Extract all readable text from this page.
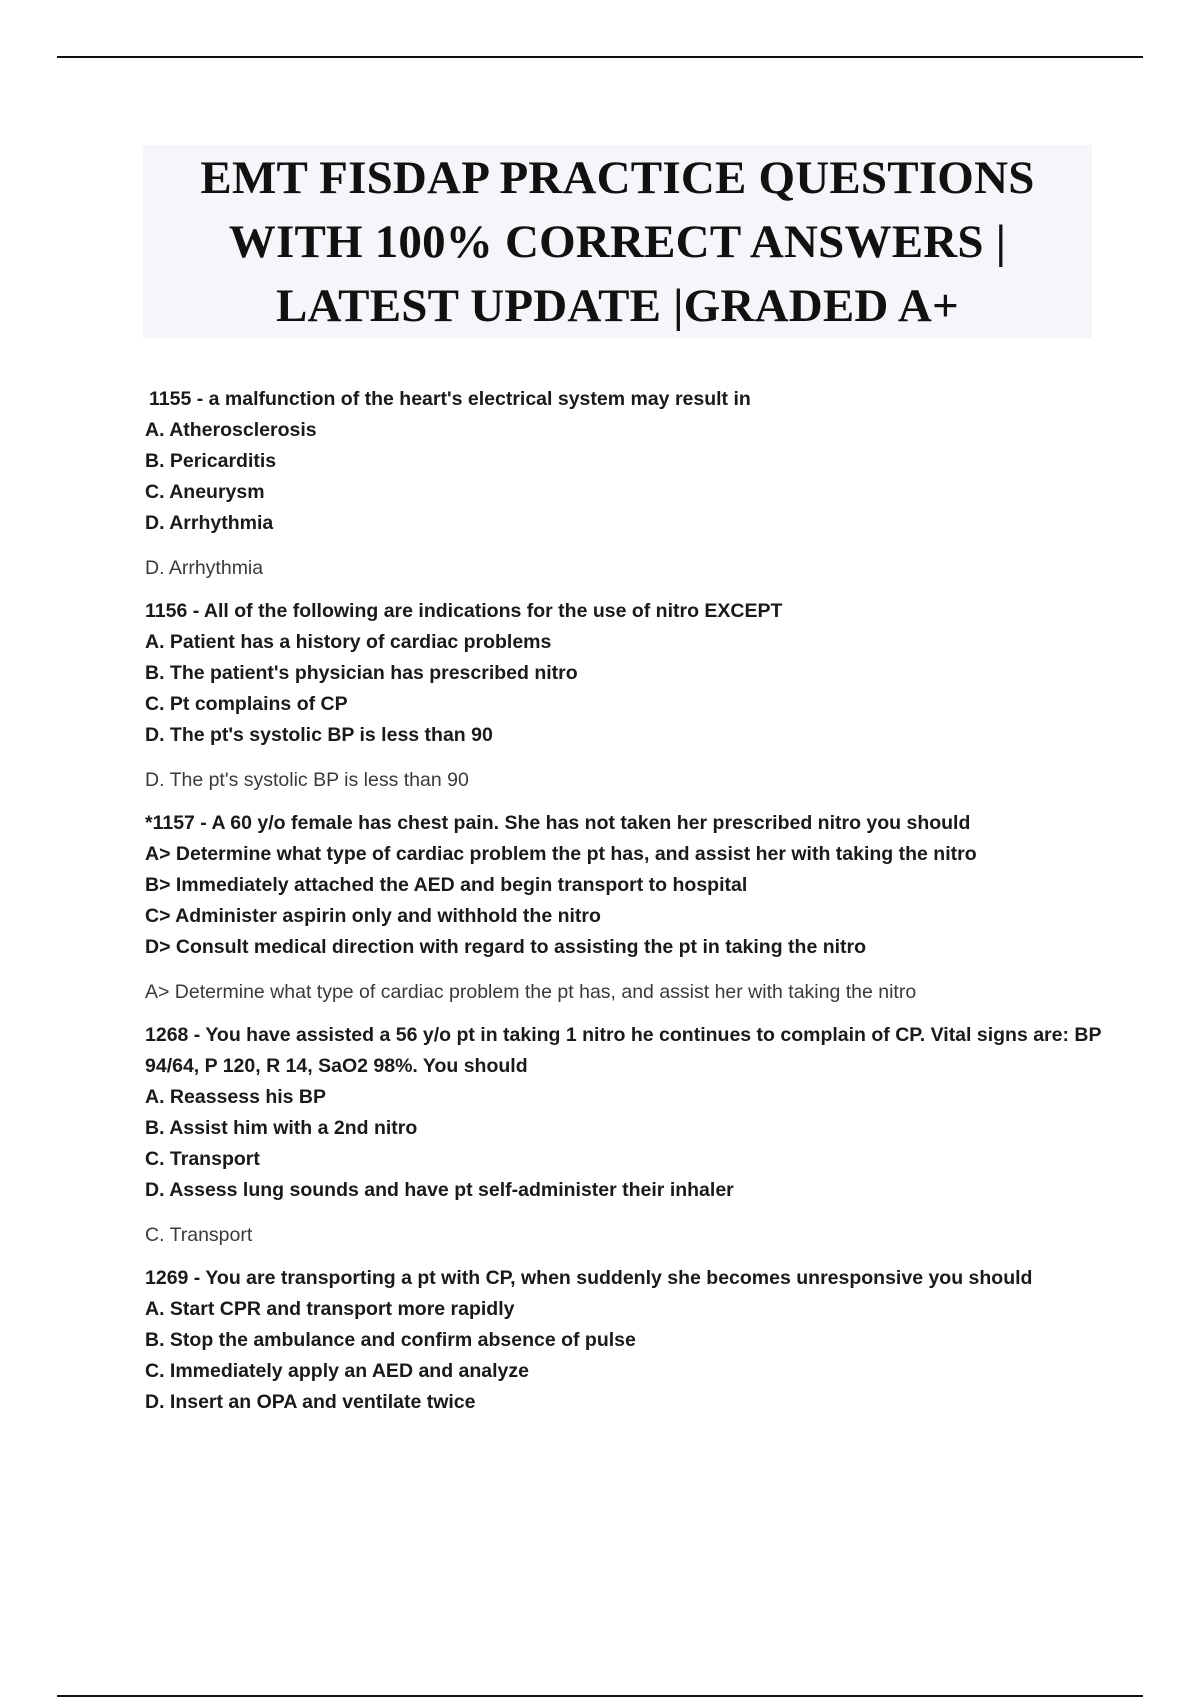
EMT FISDAP PRACTICE QUESTIONS
WITH 100% CORRECT ANSWERS |
LATEST UPDATE |GRADED A+

1155 - a malfunction of the heart's electrical system may result in

A. Atherosclerosis

B. Pericarditis

C. Aneurysm

D. Arrhythmia

D. Arrhythmia

1156 - All of the following are indications for the use of nitro EXCEPT

A. Patient has a history of cardiac problems

B. The patient's physician has prescribed nitro

C. Pt complains of CP

D. The pt's systolic BP is less than 90

D. The pt's systolic BP is less than 90

*1157 - A 60 y/o female has chest pain. She has not taken her prescribed nitro you should

A> Determine what type of cardiac problem the pt has, and assist her with taking the nitro

B> Immediately attached the AED and begin transport to hospital

C> Administer aspirin only and withhold the nitro

D> Consult medical direction with regard to assisting the pt in taking the nitro

A> Determine what type of cardiac problem the pt has, and assist her with taking the nitro

1268 - You have assisted a 56 y/o pt in taking 1 nitro he continues to complain of CP. Vital signs are: BP 94/64, P 120, R 14, SaO2 98%. You should

A. Reassess his BP

B. Assist him with a 2nd nitro

C. Transport

D. Assess lung sounds and have pt self-administer their inhaler

C. Transport

1269 - You are transporting a pt with CP, when suddenly she becomes unresponsive you should

A. Start CPR and transport more rapidly

B. Stop the ambulance and confirm absence of pulse

C. Immediately apply an AED and analyze

D. Insert an OPA and ventilate twice
